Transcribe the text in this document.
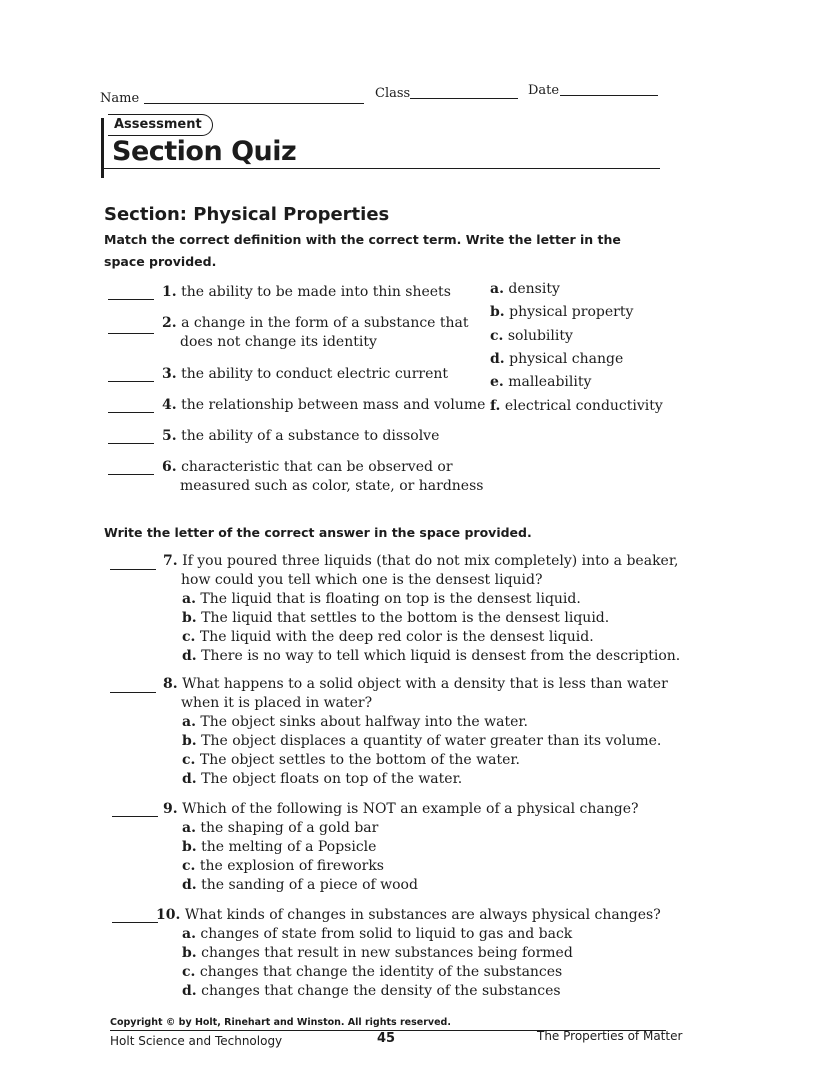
Name	Class	Date
Assessment
Section Quiz
Section: Physical Properties
Match the correct definition with the correct term. Write the letter in the space provided.
1. the ability to be made into thin sheets
2. a change in the form of a substance that
does not change its identity
3. the ability to conduct electric current
4. the relationship between mass and volume
5. the ability of a substance to dissolve
6. characteristic that can be observed or
measured such as color, state, or hardness
a. density
b. physical property
c. solubility
d. physical change
e. malleability
f. electrical conductivity
Write the letter of the correct answer in the space provided.
7. If you poured three liquids (that do not mix completely) into a beaker,
how could you tell which one is the densest liquid?
a. The liquid that is floating on top is the densest liquid.
b. The liquid that settles to the bottom is the densest liquid.
c. The liquid with the deep red color is the densest liquid.
d. There is no way to tell which liquid is densest from the description.
8. What happens to a solid object with a density that is less than water
when it is placed in water?
a. The object sinks about halfway into the water.
b. The object displaces a quantity of water greater than its volume.
c. The object settles to the bottom of the water.
d. The object floats on top of the water.
9. Which of the following is NOT an example of a physical change?
a. the shaping of a gold bar
b. the melting of a Popsicle
c. the explosion of fireworks
d. the sanding of a piece of wood
10. What kinds of changes in substances are always physical changes?
a. changes of state from solid to liquid to gas and back
b. changes that result in new substances being formed
c. changes that change the identity of the substances
d. changes that change the density of the substances
Copyright © by Holt, Rinehart and Winston. All rights reserved.
Holt Science and Technology	45	The Properties of Matter
